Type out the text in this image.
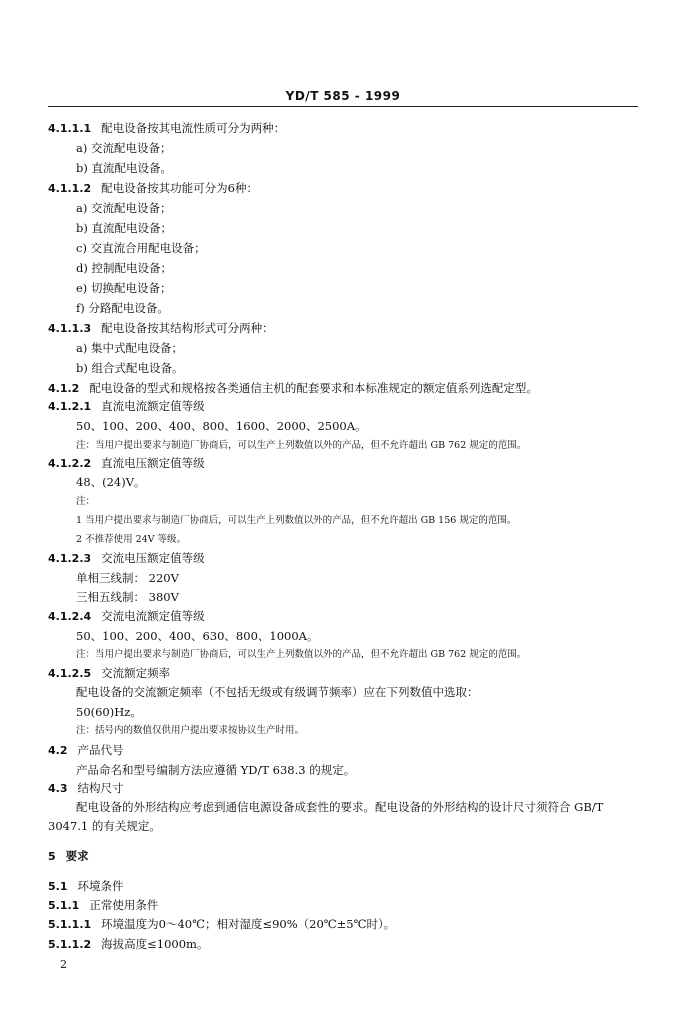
YD/T 585 - 1999
4.1.1.1 配电设备按其电流性质可分为两种：
a) 交流配电设备；
b) 直流配电设备。
4.1.1.2 配电设备按其功能可分为6种：
a) 交流配电设备；
b) 直流配电设备；
c) 交直流合用配电设备；
d) 控制配电设备；
e) 切换配电设备；
f) 分路配电设备。
4.1.1.3 配电设备按其结构形式可分两种：
a) 集中式配电设备；
b) 组合式配电设备。
4.1.2 配电设备的型式和规格按各类通信主机的配套要求和本标准规定的额定值系列选配定型。
4.1.2.1 直流电流额定值等级
50、100、200、400、800、1600、2000、2500A。
注：当用户提出要求与制造厂协商后，可以生产上列数值以外的产品，但不允许超出 GB 762 规定的范围。
4.1.2.2 直流电压额定值等级
48、(24)V。
注：
1 当用户提出要求与制造厂协商后，可以生产上列数值以外的产品，但不允许超出 GB 156 规定的范围。
2 不推荐使用 24V 等级。
4.1.2.3 交流电压额定值等级
单相三线制： 220V
三相五线制： 380V
4.1.2.4 交流电流额定值等级
50、100、200、400、630、800、1000A。
注：当用户提出要求与制造厂协商后，可以生产上列数值以外的产品，但不允许超出 GB 762 规定的范围。
4.1.2.5 交流额定频率
配电设备的交流额定频率（不包括无级或有级调节频率）应在下列数值中选取：
50(60)Hz。
注：括号内的数值仅供用户提出要求按协议生产时用。
4.2 产品代号
产品命名和型号编制方法应遵循 YD/T 638.3 的规定。
4.3 结构尺寸
配电设备的外形结构应考虑到通信电源设备成套性的要求。配电设备的外形结构的设计尺寸须符合 GB/T 3047.1 的有关规定。
5 要求
5.1 环境条件
5.1.1 正常使用条件
5.1.1.1 环境温度为0～40℃；相对湿度≤90%（20℃±5℃时）。
5.1.1.2 海拔高度≤1000m。
2
